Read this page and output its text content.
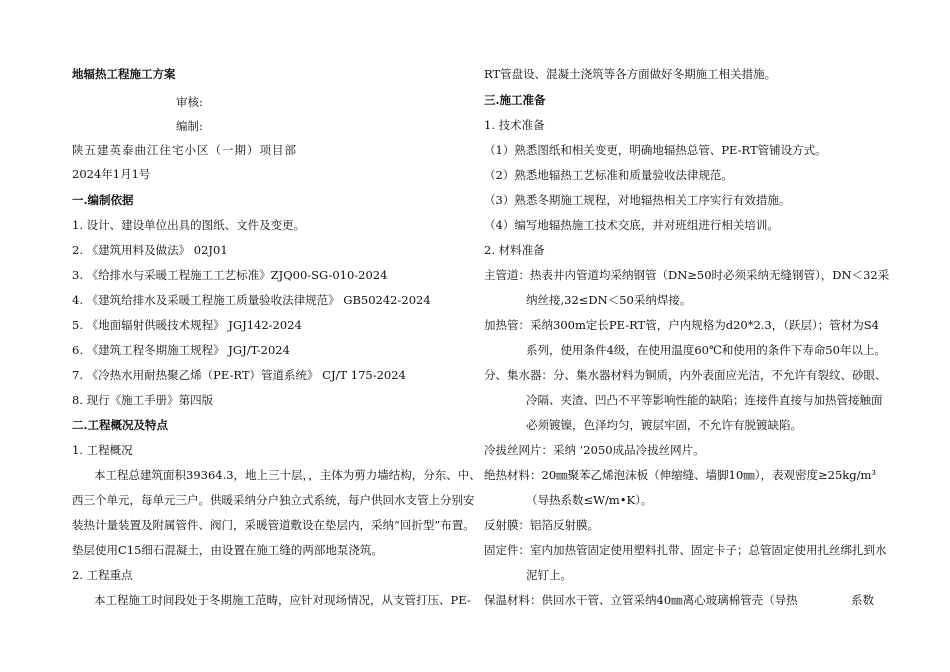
地辐热工程施工方案
审核:
编制:
陕五建英泰曲江住宅小区（一期）项目部
2024年1月1号
一.编制依据
1. 设计、建设单位出具的图纸、文件及变更。
2. 《建筑用料及做法》 02J01
3. 《给排水与采暖工程施工工艺标准》ZJQ00-SG-010-2024
4. 《建筑给排水及采暖工程施工质量验收法律规范》 GB50242-2024
5. 《地面辐射供暖技术规程》 JGJ142-2024
6. 《建筑工程冬期施工规程》 JGJ/T-2024
7. 《冷热水用耐热聚乙烯（PE-RT）管道系统》 CJ/T 175-2024
8. 现行《施工手册》第四版
二.工程概况及特点
1. 工程概况
本工程总建筑面积39364.3，地上三十层，，主体为剪力墙结构，分东、中、
西三个单元，每单元三户。供暖采纳分户独立式系统，每户供回水支管上分别安
装热计量装置及附属管件、阀门，采暖管道敷设在垫层内，采纳“回折型”布置。
垫层使用C15细石混凝土，由设置在施工缝的两部地泵浇筑。
2. 工程重点
本工程施工时间段处于冬期施工范畴，应针对现场情况，从支管打压、PE-
RT管盘设、混凝土浇筑等各方面做好冬期施工相关措施。
三.施工准备
1. 技术准备
（1）熟悉图纸和相关变更，明确地辐热总管、PE-RT管铺设方式。
（2）熟悉地辐热工艺标准和质量验收法律规范。
（3）熟悉冬期施工规程，对地辐热相关工序实行有效措施。
（4）编写地辐热施工技术交底，并对班组进行相关培训。
2. 材料准备
主管道：热表井内管道均采纳钢管（DN≥50时必须采纳无缝钢管），DN＜32采
纳丝接,32≤DN＜50采纳焊接。
加热管：采纳300m定长PE-RT管，户内规格为d20*2.3，（跃层）；管材为S4
系列，使用条件4级，在使用温度60℃和使用的条件下寿命50年以上。
分、集水器：分、集水器材料为铜质，内外表面应光洁，不允许有裂纹、砂眼、
冷隔、夹渣、凹凸不平等影响性能的缺陷；连接件直接与加热管接触面
必须镀镍，色泽均匀，镀层牢固，不允许有脱镀缺陷。
冷拔丝网片：采纳 ‘2050成品冷拔丝网片。
绝热材料：20㎜聚苯乙烯泡沫板（伸缩缝、墙脚10㎜），表观密度≥25kg/m³
（导热系数≤W/m•K）。
反射膜：铝箔反射膜。
固定件：室内加热管固定使用塑料扎带、固定卡子；总管固定使用扎丝绑扎到水
泥钉上。
保温材料：供回水干管、立管采纳40㎜离心玻璃棉管壳（导热	系数
